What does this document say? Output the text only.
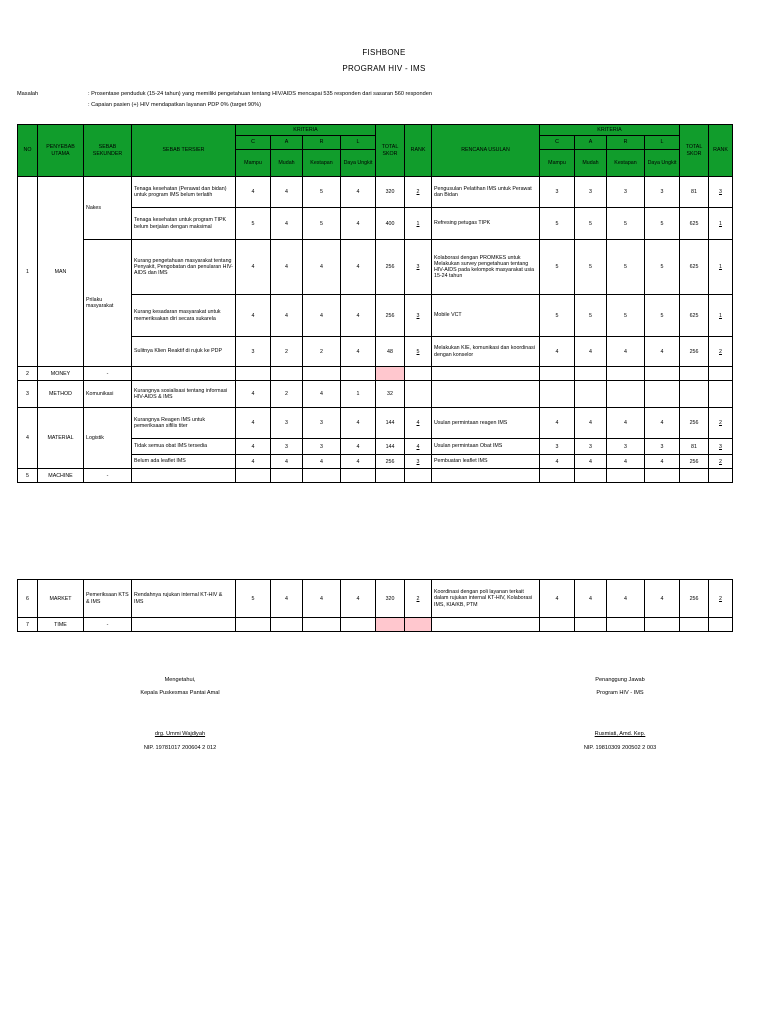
FISHBONE
PROGRAM HIV - IMS
Masalah	: Prosentase penduduk (15-24 tahun) yang memiliki pengetahuan tentang HIV/AIDS mencapai 535 responden dari sasaran 560 responden
: Capaian pasien (+) HIV mendapatkan layanan PDP 0% (target 90%)
NO	PENYEBAB UTAMA	SEBAB SEKUNDER	SEBAB TERSIER	KRITERIA				TOTAL SKOR	RANK	RENCANA USULAN	KRITERIA				TOTAL SKOR	RANK
				C	A	R	L				C	A	R	L		
				Mampu	Mudah	Kestapan	Daya Ungkit				Mampu	Mudah	Kestapan	Daya Ungkit		
1	MAN	Nakes	Tenaga kesehatan (Perawat dan bidan) untuk program IMS belum terlatih	4	4	5	4	320	2	Pengusulan Pelatihan IMS untuk Perawat dan Bidan	3	3	3	3	81	3
			Tenaga kesehatan untuk program TIPK belum berjalan dengan maksimal	5	4	5	4	400	1	Refresing petugas TIPK	5	5	5	5	625	1
		Prilaku masyarakat	Kurang pengetahuan masyarakat tentang Penyakit, Pengobatan dan penularan HIV-AIDS dan IMS	4	4	4	4	256	3	Kolaborasi dengan PROMKES untuk Melakukan survey pengetahuan tentang HIV-AIDS pada kelompok masyarakat usia 15-24 tahun	5	5	5	5	625	1
			Kurang kesadaran masyarakat untuk memeriksakan diri secara sukarela	4	4	4	4	256	3	Mobile VCT	5	5	5	5	625	1
			Sulitnya Klien Reaktif di rujuk ke PDP	3	2	2	4	48	5	Melakukan KIE, komunikasi dan koordinasi dengan konselor	4	4	4	4	256	2
2	MONEY	-														
3	METHOD	Komunikasi	Kurangnya sosialisasi tentang informasi HIV-AIDS & IMS	4	2	4	1	32								
4	MATERIAL	Logistik	Kurangnya Reagen IMS untuk pemeriksaan sifilis titer	4	3	3	4	144	4	Usulan permintaan reagen IMS	4	4	4	4	256	2
			Tidak semua obat IMS tersedia	4	3	3	4	144	4	Usulan permintaan Obat IMS	3	3	3	3	81	3
			Belum ada leaflet IMS	4	4	4	4	256	3	Pembuatan leaflet IMS	4	4	4	4	256	2
5	MACHINE	-														

6	MARKET	Pemeriksaan KTS & IMS	Rendahnya rujukan internal KT-HIV & IMS	5	4	4	4	320	2	Koordinasi dengan poli layanan terkait dalam rujukan internal KT-HIV, Kolaborasi IMS, KIA/KB, PTM	4	4	4	4	256	2
7	TIME	-														
Mengetahui,
Kepala Puskesmas Pantai Amal
drg. Ummi Wajdiyah
NIP. 19781017 200604 2 012
Penanggung Jawab
Program HIV - IMS
Rusmiati, Amd. Kep.
NIP. 19810309 200502 2 003
